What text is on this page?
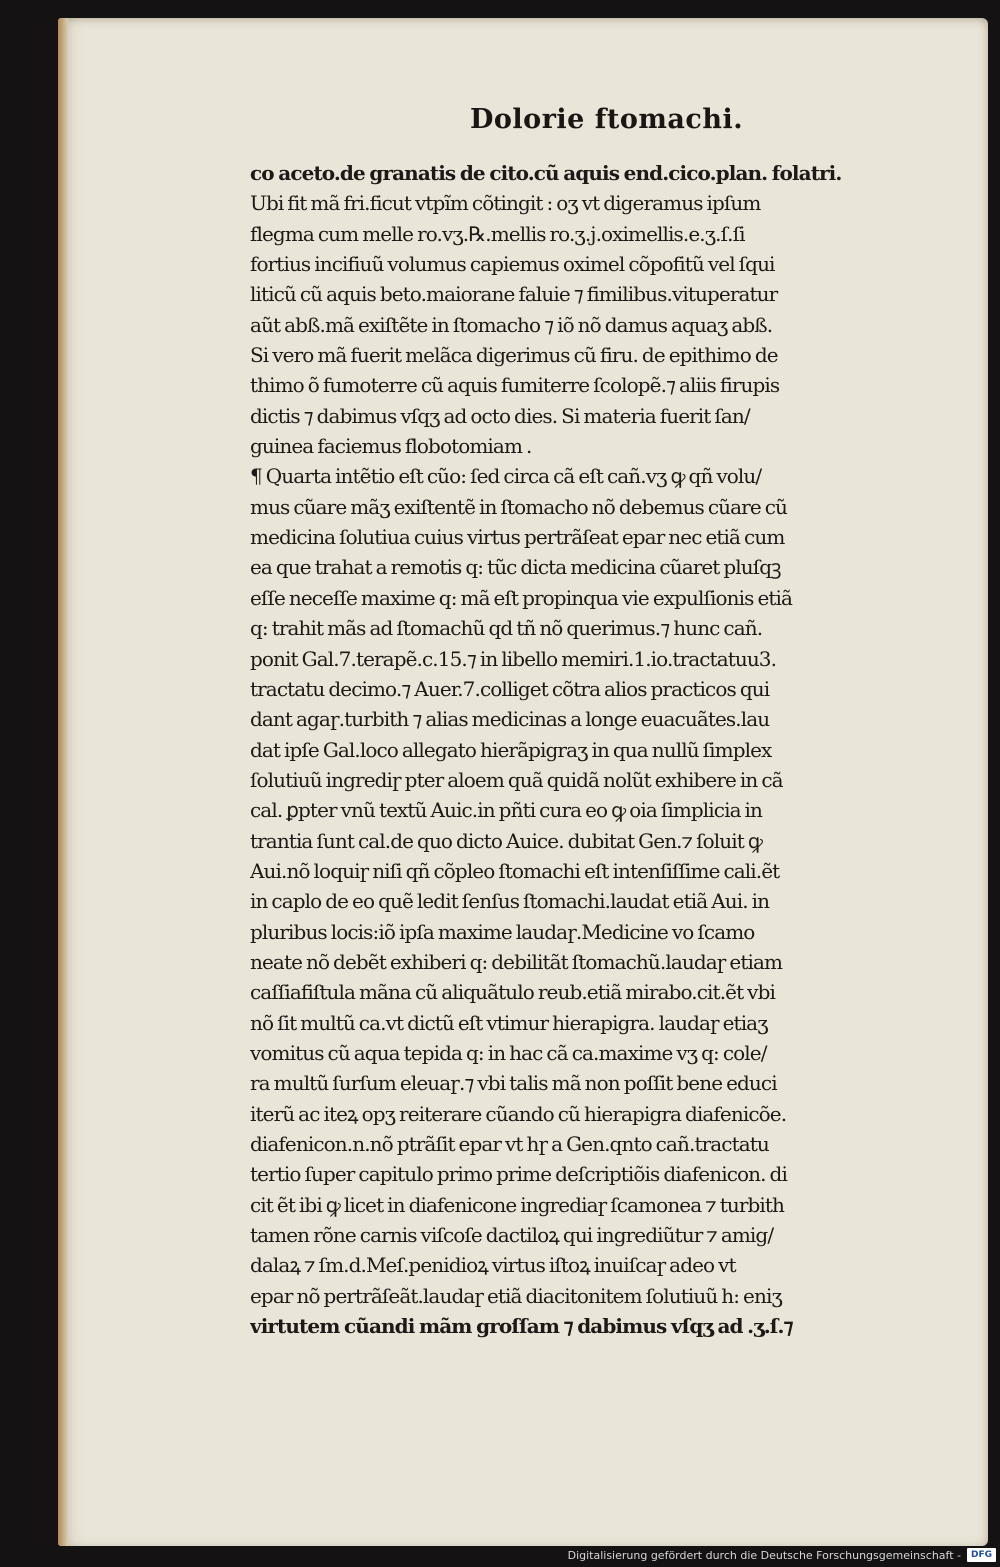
Dolorie ftomachi.
co aceto.de granatis de cito.cũ aquis end.cico.plan. folatri.
Ubi fit mã fri.ficut vtpĩm cõtingit : oʒ vt digeramus ipſum
flegma cum melle ro.vʒ.℞.mellis ro.ʒ.j.oximellis.e.ʒ.ſ.ſi
fortius incifiuũ volumus capiemus oximel cõpofitũ vel ſqui
liticũ cũ aquis beto.maiorane faluie ⁊ fimilibus.vituperatur
aũt abß.mã exiſtẽte in ſtomacho ⁊ iõ nõ damus aquaʒ abß.
Si vero mã fuerit melãca digerimus cũ firu. de epithimo de
thimo õ fumoterre cũ aquis fumiterre ſcolopẽ.⁊ aliis firupis
dictis ⁊ dabimus vſqʒ ad octo dies. Si materia fuerit ſan/
guinea faciemus flobotomiam .
¶ Quarta intẽtio eſt cũo: ſed circa cã eſt cañ.vʒ ꝙ qñ volu/
mus cũare mãʒ exiſtentẽ in ſtomacho nõ debemus cũare cũ
medicina ſolutiua cuius virtus pertrãſeat epar nec etiã cum
ea que trahat a remotis q: tũc dicta medicina cũaret pluſqꝫ
eſſe neceſſe maxime q: mã eſt propinqua vie expulſionis etiã
q: trahit mãs ad ſtomachũ qd tñ nõ querimus.⁊ hunc cañ.
ponit Gal.7.terapẽ.c.15.⁊ in libello memiri.1.io.tractatuu3.
tractatu decimo.⁊ Auer.7.colliget cõtra alios practicos qui
dant agaɼ.turbith ⁊ alias medicinas a longe euacuãtes.lau
dat ipſe Gal.loco allegato hierãpigraʒ in qua nullũ ſimplex
ſolutiuũ ingrediɼ pter aloem quã quidã nolũt exhibere in cã
cal. ꝑpter vnũ textũ Auic.in pñti cura eo ꝙ oia ſimplicia in
trantia ſunt cal.de quo dicto Auice. dubitat Gen.⁊ ſoluit ꝙ
Aui.nõ loquiɼ niſi qñ cõpleo ſtomachi eſt intenſiſſime cali.ẽt
in caplo de eo quẽ ledit ſenſus ſtomachi.laudat etiã Aui. in
pluribus locis:iõ ipſa maxime laudaɼ.Medicine vo ſcamo
neate nõ debẽt exhiberi q: debilitãt ſtomachũ.laudaɼ etiam
caſſiafiſtula mãna cũ aliquãtulo reub.etiã mirabo.cit.ẽt vbi
nõ ſit multũ ca.vt dictũ eſt vtimur hierapigra. laudaɼ etiaʒ
vomitus cũ aqua tepida q: in hac cã ca.maxime vʒ q: cole/
ra multũ ſurſum eleuaɼ.⁊ vbi talis mã non poſſit bene educi
iterũ ac iteꝝ opʒ reiterare cũando cũ hierapigra diafenicõe.
diafenicon.n.nõ ptrãſit epar vt hɼ a Gen.qnto cañ.tractatu
tertio ſuper capitulo primo prime deſcriptiõis diafenicon. di
cit ẽt ibi ꝙ licet in diafenicone ingrediaɼ ſcamonea ⁊ turbith
tamen rõne carnis viſcoſe dactiloꝝ qui ingrediũtur ⁊ amig/
dalaꝝ ⁊ ſm.d.Meſ.penidioꝝ virtus iſtoꝝ inuiſcaɼ adeo vt
epar nõ pertrãſeãt.laudaɼ etiã diacitonitem ſolutiuũ h: eniʒ
virtutem cũandi mãm groſſam ⁊ dabimus vſqʒ ad .ʒ.ſ.⁊
Digitalisierung gefördert durch die Deutsche Forschungsgemeinschaft -	DFG
